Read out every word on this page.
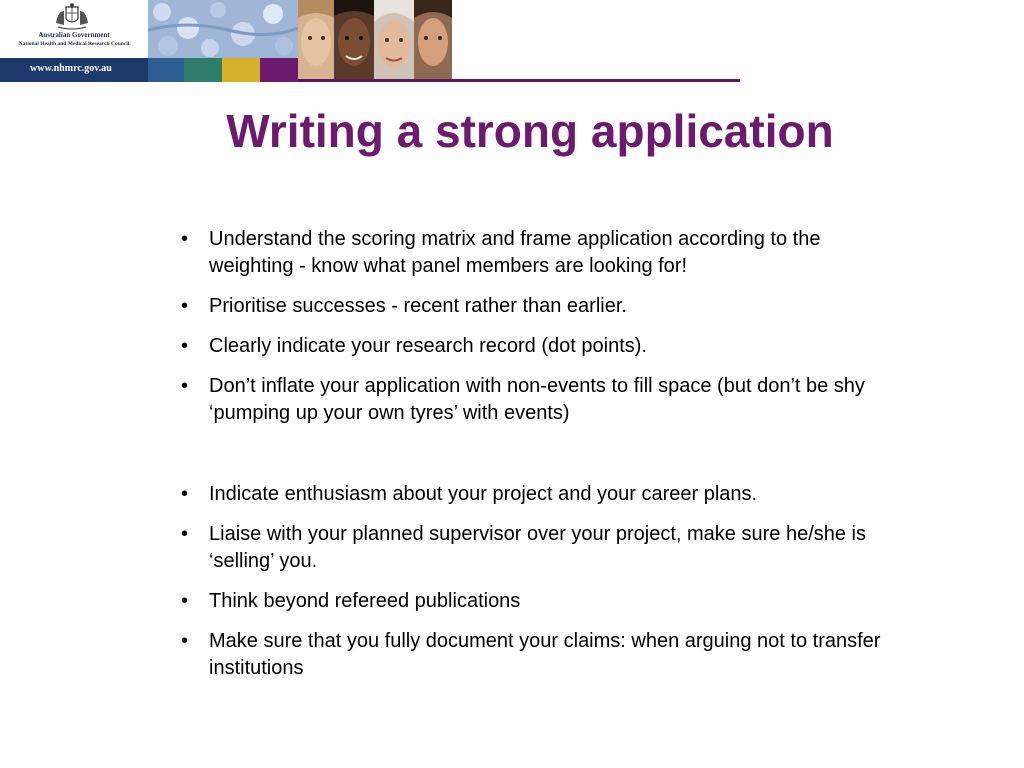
Australian Government
National Health and Medical Research Council
www.nhmrc.gov.au
Writing a strong application
• Understand the scoring matrix and frame application according to the weighting - know what panel members are looking for!
• Prioritise successes - recent rather than earlier.
• Clearly indicate your research record (dot points).
• Don’t inflate your application with non-events to fill space (but don’t be shy ‘pumping up your own tyres’ with events)
• Indicate enthusiasm about your project and your career plans.
• Liaise with your planned supervisor over your project, make sure he/she is ‘selling’ you.
• Think beyond refereed publications
• Make sure that you fully document your claims: when arguing not to transfer institutions
